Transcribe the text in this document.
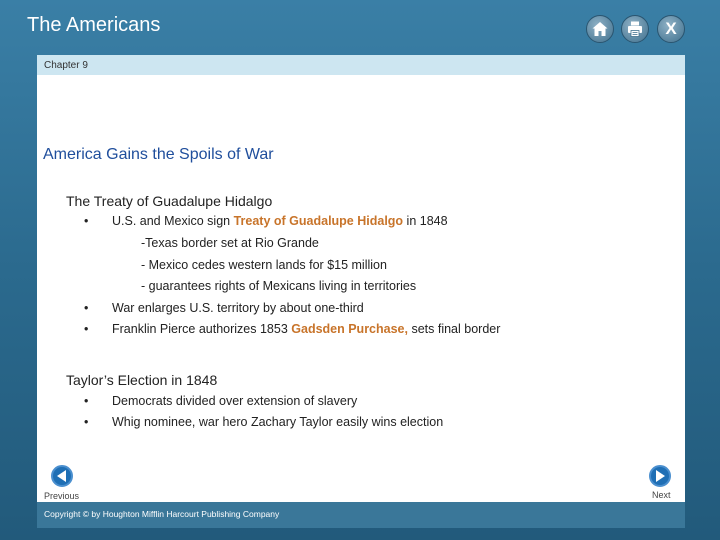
The Americans	X
Chapter 9
America Gains the Spoils of War
The Treaty of Guadalupe Hidalgo
• U.S. and Mexico sign Treaty of Guadalupe Hidalgo in 1848
-Texas border set at Rio Grande
- Mexico cedes western lands for $15 million
- guarantees rights of Mexicans living in territories
• War enlarges U.S. territory by about one-third
• Franklin Pierce authorizes 1853 Gadsden Purchase, sets final border
Taylor’s Election in 1848
• Democrats divided over extension of slavery
• Whig nominee, war hero Zachary Taylor easily wins election
Previous	Next
Copyright © by Houghton Mifflin Harcourt Publishing Company
